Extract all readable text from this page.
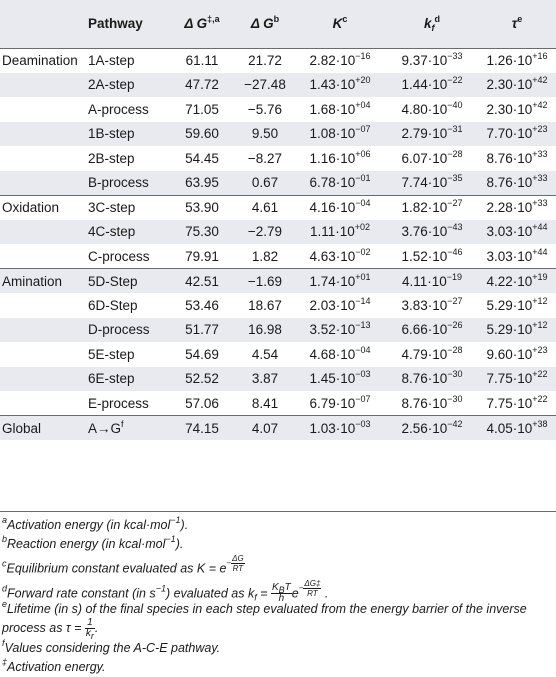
	Pathway	Δ $G^{\ddagger,a}$	Δ $G^b$	$K^c$	$k_f^d$	$\tau^e$
Deamination	1A-step	61.11	21.72	$2.82\cdot 10^{-16}$	$9.37\cdot 10^{-33}$	$1.26\cdot 10^{+16}$
	2A-step	47.72	−27.48	$1.43\cdot 10^{+20}$	$1.44\cdot 10^{-22}$	$2.30\cdot 10^{+42}$
	A-process	71.05	−5.76	$1.68\cdot 10^{+04}$	$4.80\cdot 10^{-40}$	$2.30\cdot 10^{+42}$
	1B-step	59.60	9.50	$1.08\cdot 10^{-07}$	$2.79\cdot 10^{-31}$	$7.70\cdot 10^{+23}$
	2B-step	54.45	−8.27	$1.16\cdot 10^{+06}$	$6.07\cdot 10^{-28}$	$8.76\cdot 10^{+33}$
	B-process	63.95	0.67	$6.78\cdot 10^{-01}$	$7.74\cdot 10^{-35}$	$8.76\cdot 10^{+33}$
Oxidation	3C-step	53.90	4.61	$4.16\cdot 10^{-04}$	$1.82\cdot 10^{-27}$	$2.28\cdot 10^{+33}$
	4C-step	75.30	−2.79	$1.11\cdot 10^{+02}$	$3.76\cdot 10^{-43}$	$3.03\cdot 10^{+44}$
	C-process	79.91	1.82	$4.63\cdot 10^{-02}$	$1.52\cdot 10^{-46}$	$3.03\cdot 10^{+44}$
Amination	5D-Step	42.51	−1.69	$1.74\cdot 10^{+01}$	$4.11\cdot 10^{-19}$	$4.22\cdot 10^{+19}$
	6D-Step	53.46	18.67	$2.03\cdot 10^{-14}$	$3.83\cdot 10^{-27}$	$5.29\cdot 10^{+12}$
	D-process	51.77	16.98	$3.52\cdot 10^{-13}$	$6.66\cdot 10^{-26}$	$5.29\cdot 10^{+12}$
	5E-step	54.69	4.54	$4.68\cdot 10^{-04}$	$4.79\cdot 10^{-28}$	$9.60\cdot 10^{+23}$
	6E-step	52.52	3.87	$1.45\cdot 10^{-03}$	$8.76\cdot 10^{-30}$	$7.75\cdot 10^{+22}$
	E-process	57.06	8.41	$6.79\cdot 10^{-07}$	$8.76\cdot 10^{-30}$	$7.75\cdot 10^{+22}$
Global	$A\to G^f$	74.15	4.07	$1.03\cdot 10^{-03}$	$2.56\cdot 10^{-42}$	$4.05\cdot 10^{+38}$
$^a$Activation energy (in kcal·mol$^{-1}$).
$^b$Reaction energy (in kcal·mol$^{-1}$).
$^c$Equilibrium constant evaluated as $K = e- \frac{\Delta G}{RT}$
$^d$Forward rate constant (in $s^{-1}$) evaluated as $k_f = \frac{K_BT}{h} e- \frac{\Delta G\ddagger}{RT}$ .
$^e$Lifetime (in s) of the final species in each step evaluated from the energy barrier of the inverse process as $\tau = \frac{1}{k_r}$ .
$^f$Values considering the A-C-E pathway.
‡Activation energy.
